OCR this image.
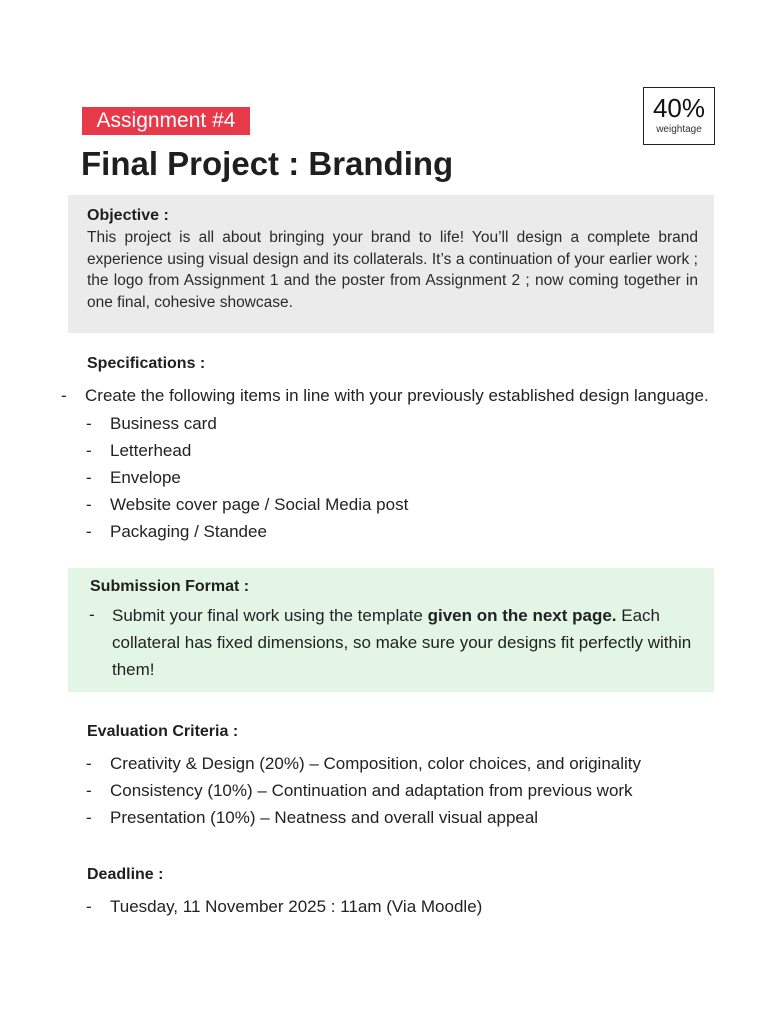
Assignment #4	40%
weightage
Final Project : Branding
Objective :
This project is all about bringing your brand to life! You’ll design a complete brand experience using visual design and its collaterals. It’s a continuation of your earlier work ; the logo from Assignment 1 and the poster from Assignment 2 ; now coming together in one final, cohesive showcase.
Specifications :
- Create the following items in line with your previously established design language.
- Business card
- Letterhead
- Envelope
- Website cover page / Social Media post
- Packaging / Standee
Submission Format :
- Submit your final work using the template given on the next page. Each collateral has fixed dimensions, so make sure your designs fit perfectly within them!
Evaluation Criteria :
- Creativity & Design (20%) – Composition, color choices, and originality
- Consistency (10%) – Continuation and adaptation from previous work
- Presentation (10%) – Neatness and overall visual appeal
Deadline :
- Tuesday, 11 November 2025 : 11am (Via Moodle)
